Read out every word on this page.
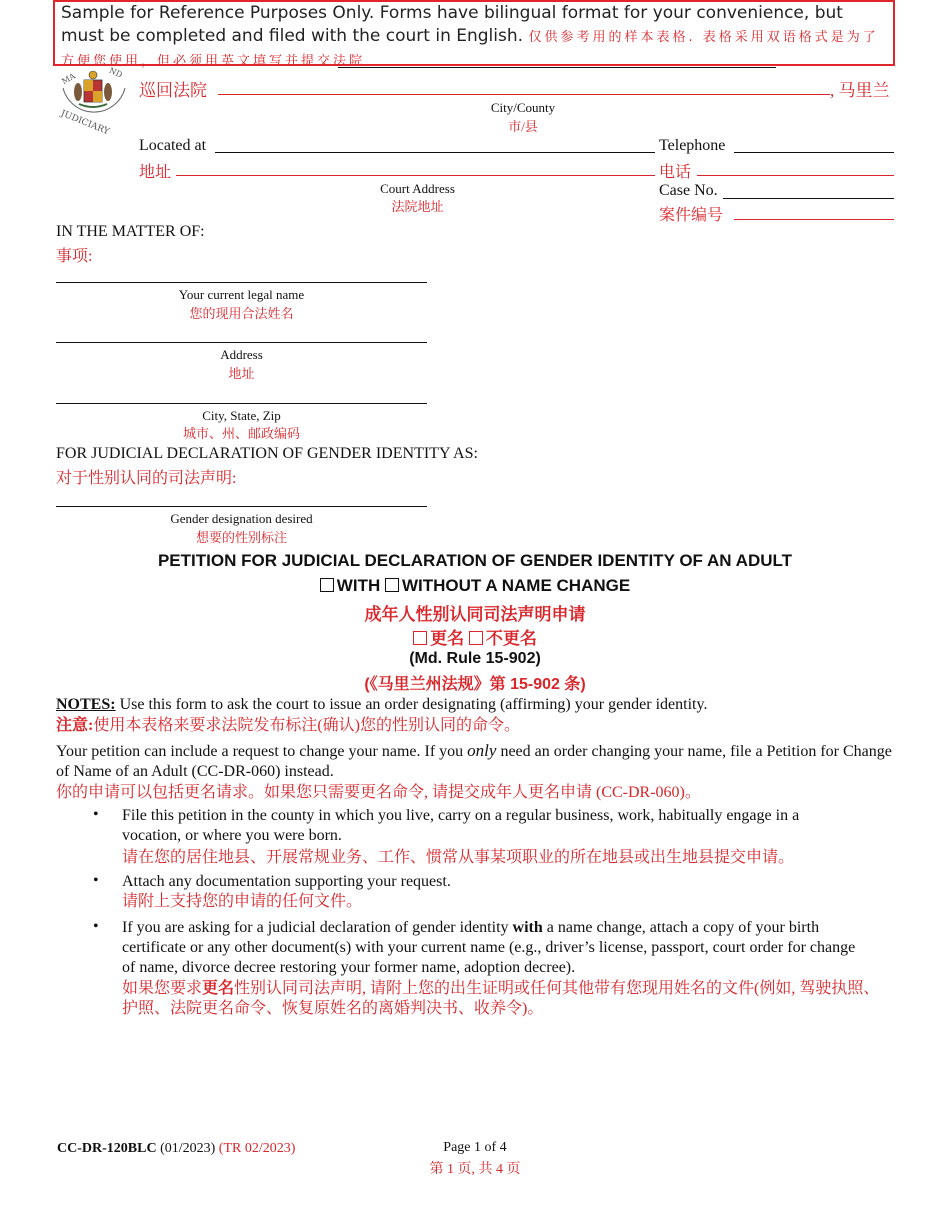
Sample for Reference Purposes Only. Forms have bilingual format for your convenience, but must be completed and filed with the court in English. 仅供参考用的样本表格. 表格采用双语格式是为了方便您使用，但必须用英文填写并提交法院
MA
JUDICIARY
巡回法院	, 马里兰
City/County
市/县
Located at
地址
Court Address
法院地址
Telephone
电话
Case No.
案件编号
IN THE MATTER OF:
事项:
Your current legal name
您的现用合法姓名
Address
地址
City, State, Zip
城市、州、邮政编码
FOR JUDICIAL DECLARATION OF GENDER IDENTITY AS:
对于性别认同的司法声明:
Gender designation desired
想要的性别标注
PETITION FOR JUDICIAL DECLARATION OF GENDER IDENTITY OF AN ADULT
WITH WITHOUT A NAME CHANGE
成年人性别认同司法声明申请
更名 不更名
(Md. Rule 15-902)
(《马里兰州法规》第 15-902 条)
NOTES: Use this form to ask the court to issue an order designating (affirming) your gender identity.
注意:使用本表格来要求法院发布标注(确认)您的性别认同的命令。
Your petition can include a request to change your name. If you only need an order changing your name, file a Petition for Change of Name of an Adult (CC-DR-060) instead.
你的申请可以包括更名请求。如果您只需要更名命令, 请提交成年人更名申请 (CC-DR-060)。
• File this petition in the county in which you live, carry on a regular business, work, habitually engage in a vocation, or where you were born.
请在您的居住地县、开展常规业务、工作、惯常从事某项职业的所在地县或出生地县提交申请。
• Attach any documentation supporting your request.
请附上支持您的申请的任何文件。
• If you are asking for a judicial declaration of gender identity with a name change, attach a copy of your birth certificate or any other document(s) with your current name (e.g., driver’s license, passport, court order for change of name, divorce decree restoring your former name, adoption decree).
如果您要求更名性别认同司法声明, 请附上您的出生证明或任何其他带有您现用姓名的文件(例如, 驾驶执照、护照、法院更名命令、恢复原姓名的离婚判决书、收养令)。
CC-DR-120BLC (01/2023) (TR 02/2023)	Page 1 of 4
第 1 页, 共 4 页
